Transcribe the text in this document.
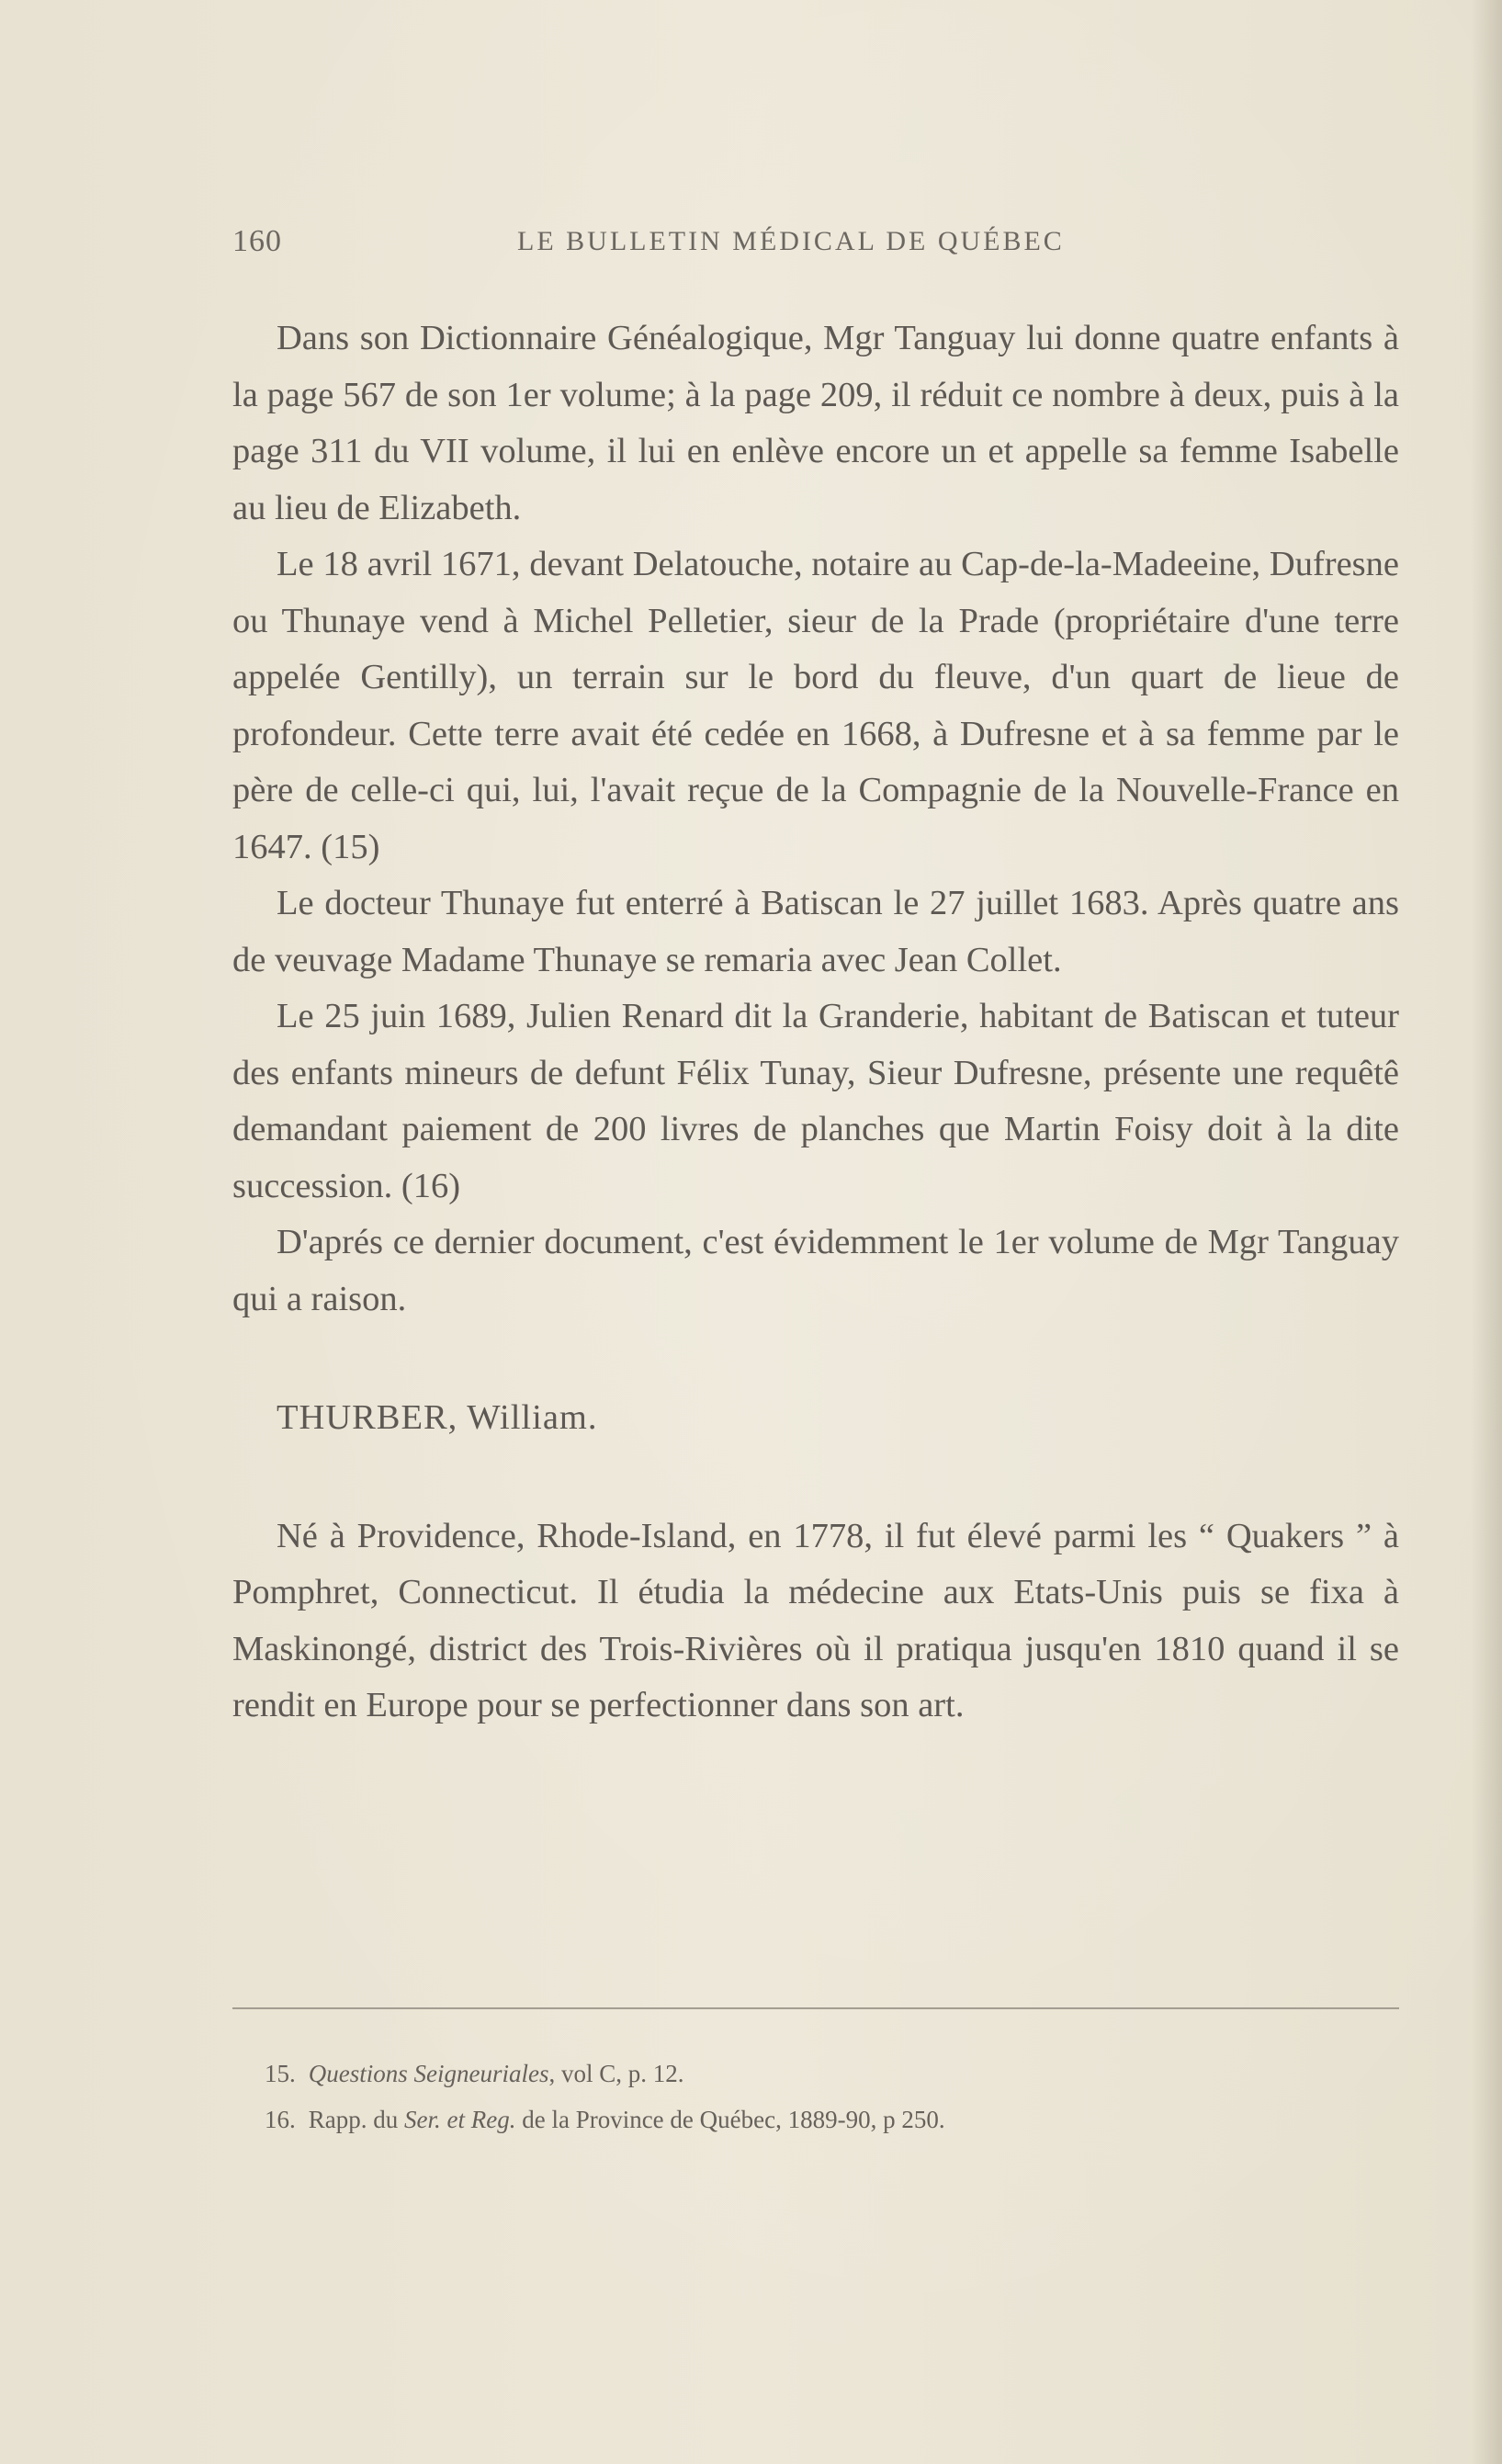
160	LE BULLETIN MÉDICAL DE QUÉBEC

Dans son Dictionnaire Généalogique, Mgr Tanguay lui donne quatre enfants à la page 567 de son 1er volume; à la page 209, il réduit ce nombre à deux, puis à la page 311 du VII volume, il lui en enlève encore un et appelle sa femme Isabelle au lieu de Elizabeth.

Le 18 avril 1671, devant Delatouche, notaire au Cap-de-la-Madeeine, Dufresne ou Thunaye vend à Michel Pelletier, sieur de la Prade (propriétaire d'une terre appelée Gentilly), un terrain sur le bord du fleuve, d'un quart de lieue de profondeur. Cette terre avait été cedée en 1668, à Dufresne et à sa femme par le père de celle-ci qui, lui, l'avait reçue de la Compagnie de la Nouvelle-France en 1647. (15)

Le docteur Thunaye fut enterré à Batiscan le 27 juillet 1683. Après quatre ans de veuvage Madame Thunaye se remaria avec Jean Collet.

Le 25 juin 1689, Julien Renard dit la Granderie, habitant de Batiscan et tuteur des enfants mineurs de defunt Félix Tunay, Sieur Dufresne, présente une requêtê demandant paiement de 200 livres de planches que Martin Foisy doit à la dite succession. (16)

D'aprés ce dernier document, c'est évidemment le 1er volume de Mgr Tanguay qui a raison.

THURBER, William.

Né à Providence, Rhode-Island, en 1778, il fut élevé parmi les “ Quakers ” à Pomphret, Connecticut. Il étudia la médecine aux Etats-Unis puis se fixa à Maskinongé, district des Trois-Rivières où il pratiqua jusqu'en 1810 quand il se rendit en Europe pour se perfectionner dans son art.

15. Questions Seigneuriales, vol C, p. 12.
16. Rapp. du Ser. et Reg. de la Province de Québec, 1889-90, p 250.
